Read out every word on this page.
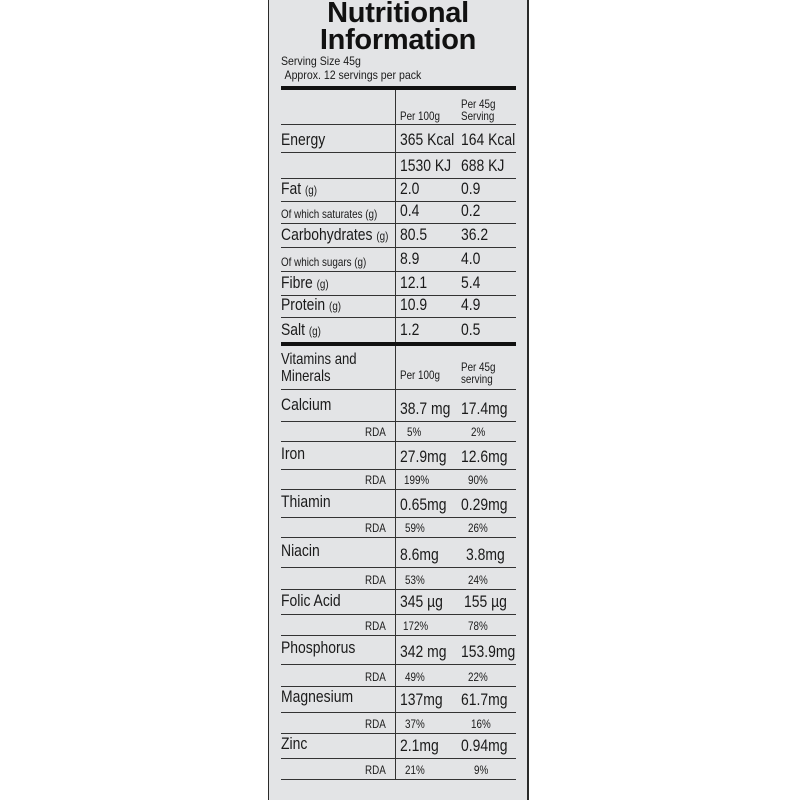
Nutritional
Information
Serving Size 45g
Approx. 12 servings per pack
Per 100g
Per 45g
Serving
Energy	365 Kcal 164 Kcal
1530 KJ 688 KJ
Fat (g)	2.0 0.9
Of which saturates (g) 0.4 0.2
Carbohydrates (g) 80.5 36.2
Of which sugars (g) 8.9 4.0
Fibre (g)	12.1 5.4
Protein (g)	10.9 4.9
Salt (g)	1.2 0.5
Vitamins and
Minerals	Per 100g
Per 45g
serving
Calcium	38.7 mg 17.4mg
RDA 5%	2%
Iron	27.9mg 12.6mg
RDA 199%	90%
Thiamin	0.65mg 0.29mg
RDA 59%	26%
Niacin	8.6mg 3.8mg
RDA 53%	24%
Folic Acid	345 µg 155 µg
RDA 172%	78%
Phosphorus	342 mg 153.9mg
RDA 49%	22%
Magnesium	137mg 61.7mg
RDA 37%	16%
Zinc	2.1mg 0.94mg
RDA 21%	9%
